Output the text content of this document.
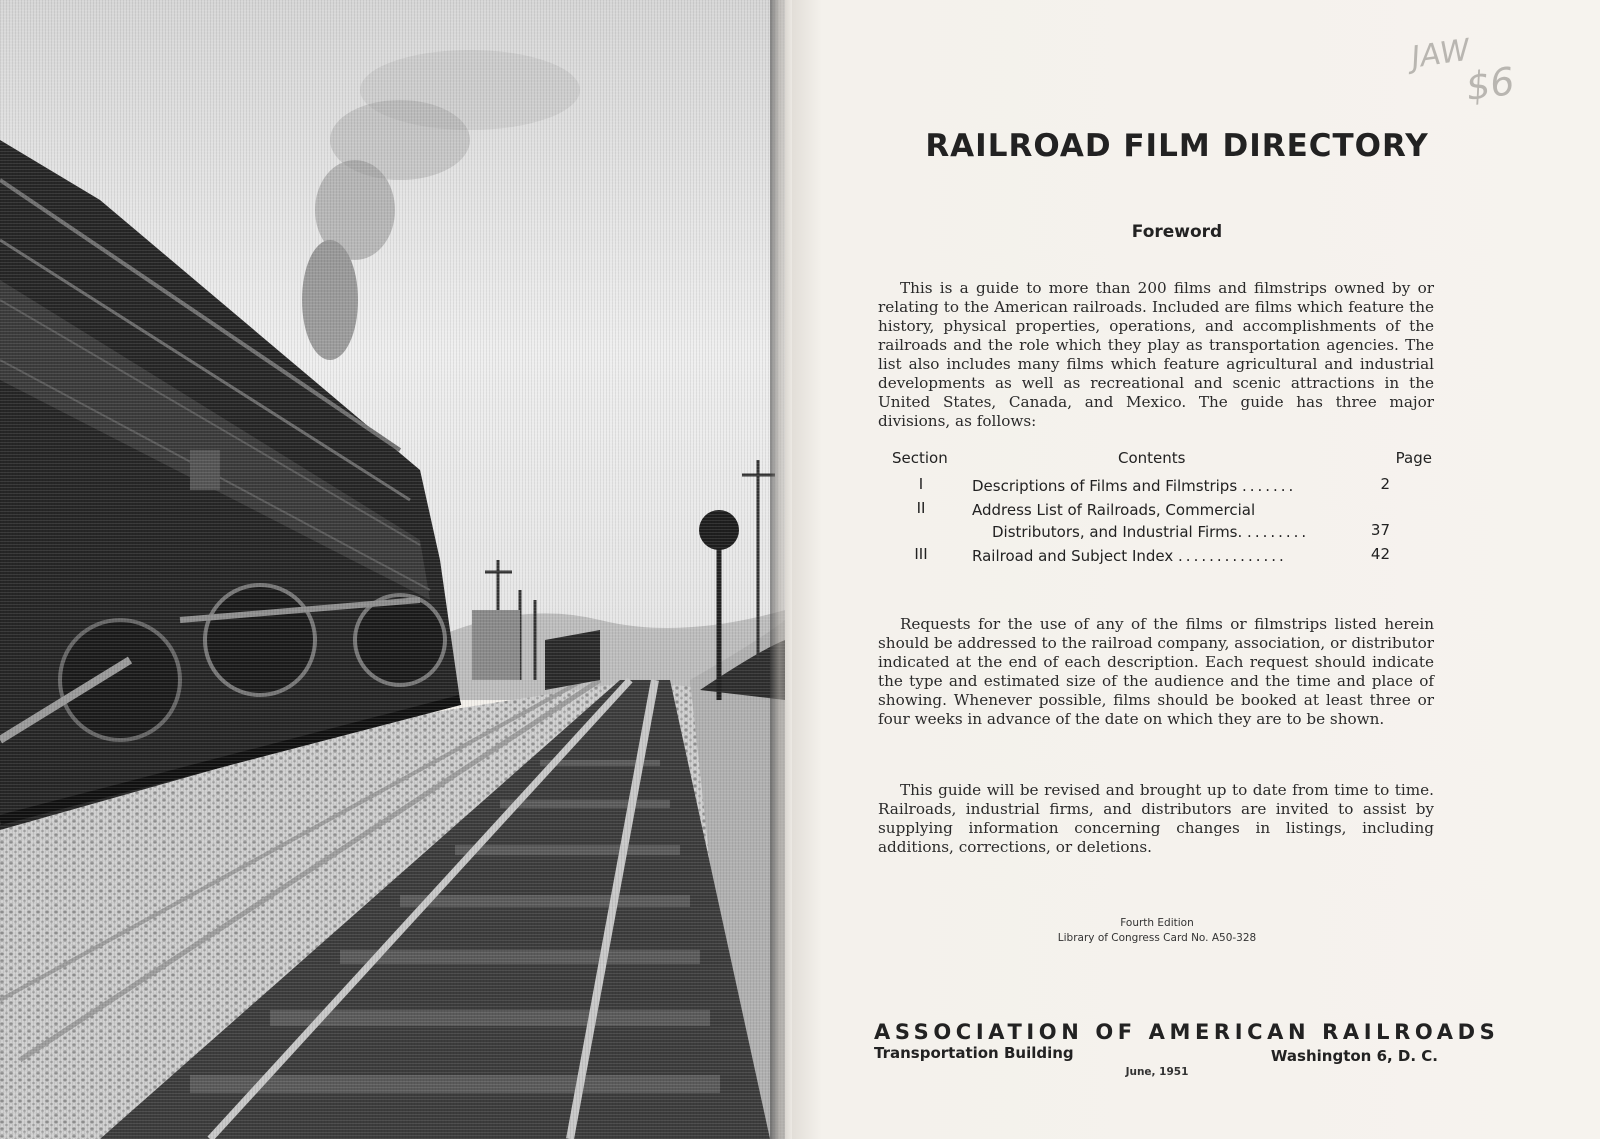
JAW
$6
RAILROAD FILM DIRECTORY
Foreword

This is a guide to more than 200 films and filmstrips owned by or relating to the American railroads. Included are films which feature the history, physical properties, operations, and accomplishments of the railroads and the role which they play as transportation agencies. The list also includes many films which feature agricultural and industrial developments as well as recreational and scenic attractions in the United States, Canada, and Mexico. The guide has three major divisions, as follows:

Section	Contents	Page
I	Descriptions of Films and Filmstrips .......	2
II	Address List of Railroads, Commercial
Distributors, and Industrial Firms. ........	37
III	Railroad and Subject Index ..............	42

Requests for the use of any of the films or filmstrips listed herein should be addressed to the railroad company, association, or distributor indicated at the end of each description. Each request should indicate the type and estimated size of the audience and the time and place of showing. Whenever possible, films should be booked at least three or four weeks in advance of the date on which they are to be shown.

This guide will be revised and brought up to date from time to time. Railroads, industrial firms, and distributors are invited to assist by supplying information concerning changes in listings, including additions, corrections, or deletions.

Fourth Edition
Library of Congress Card No. A50-328
ASSOCIATION OF AMERICAN RAILROADS
Transportation Building	Washington 6, D. C.
June, 1951
